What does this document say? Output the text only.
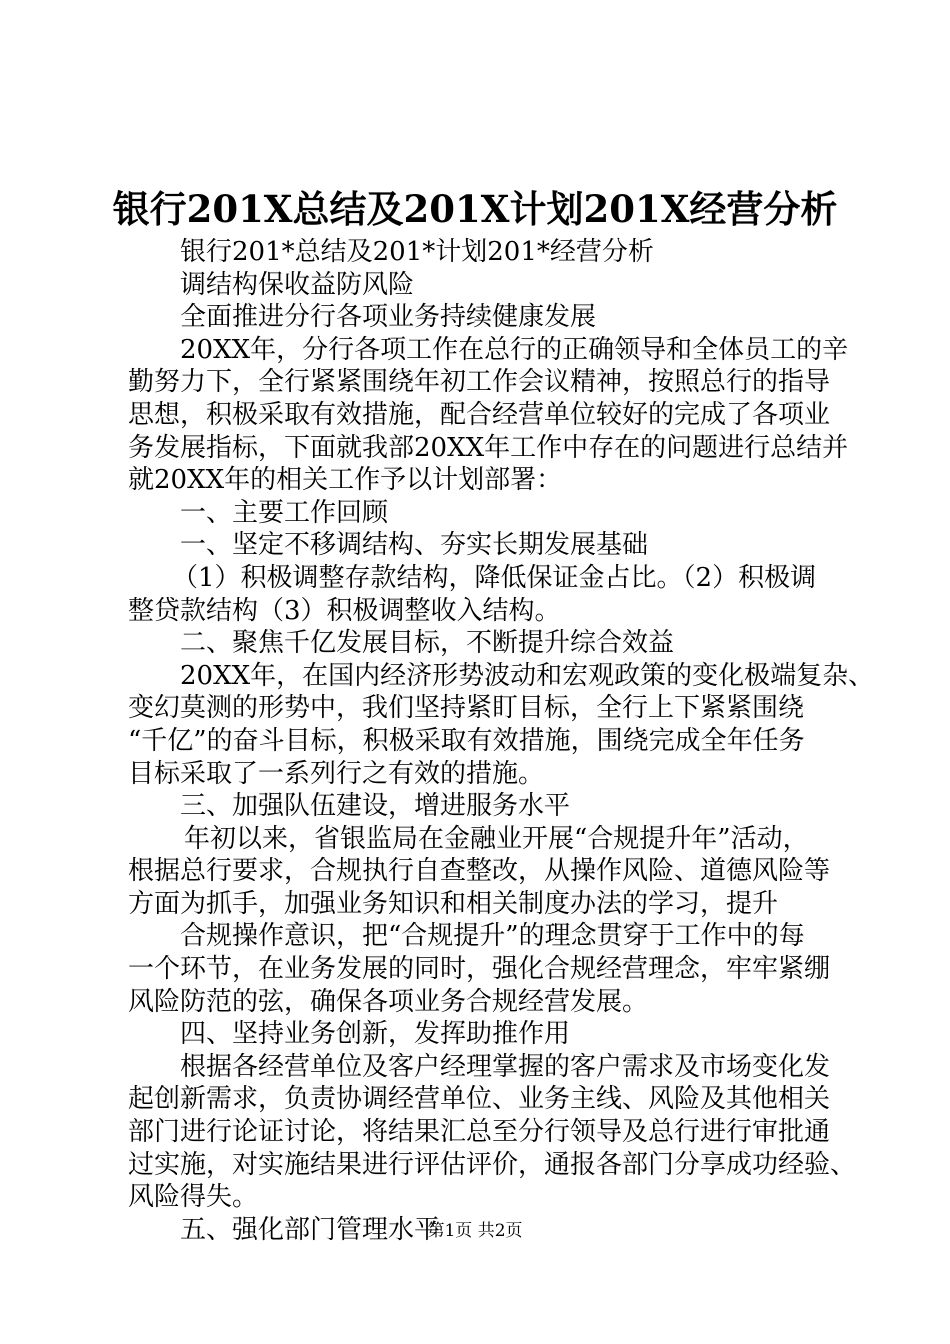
银行201X总结及201X计划201X经营分析
银行201*总结及201*计划201*经营分析
调结构保收益防风险
全面推进分行各项业务持续健康发展
20XX年，分行各项工作在总行的正确领导和全体员工的辛
勤努力下，全行紧紧围绕年初工作会议精神，按照总行的指导
思想，积极采取有效措施，配合经营单位较好的完成了各项业
务发展指标，下面就我部20XX年工作中存在的问题进行总结并
就20XX年的相关工作予以计划部署：
一、主要工作回顾
一、坚定不移调结构、夯实长期发展基础
（1）积极调整存款结构，降低保证金占比。（2）积极调
整贷款结构（3）积极调整收入结构。
二、聚焦千亿发展目标，不断提升综合效益
20XX年，在国内经济形势波动和宏观政策的变化极端复杂、
变幻莫测的形势中，我们坚持紧盯目标，全行上下紧紧围绕
“千亿”的奋斗目标，积极采取有效措施，围绕完成全年任务
目标采取了一系列行之有效的措施。
三、加强队伍建设，增进服务水平
年初以来，省银监局在金融业开展“合规提升年”活动，
根据总行要求，合规执行自查整改，从操作风险、道德风险等
方面为抓手，加强业务知识和相关制度办法的学习，提升
合规操作意识，把“合规提升”的理念贯穿于工作中的每
一个环节，在业务发展的同时，强化合规经营理念，牢牢紧绷
风险防范的弦，确保各项业务合规经营发展。
四、坚持业务创新，发挥助推作用
根据各经营单位及客户经理掌握的客户需求及市场变化发
起创新需求，负责协调经营单位、业务主线、风险及其他相关
部门进行论证讨论，将结果汇总至分行领导及总行进行审批通
过实施，对实施结果进行评估评价，通报各部门分享成功经验、
风险得失。
五、强化部门管理水平
第1页 共2页
